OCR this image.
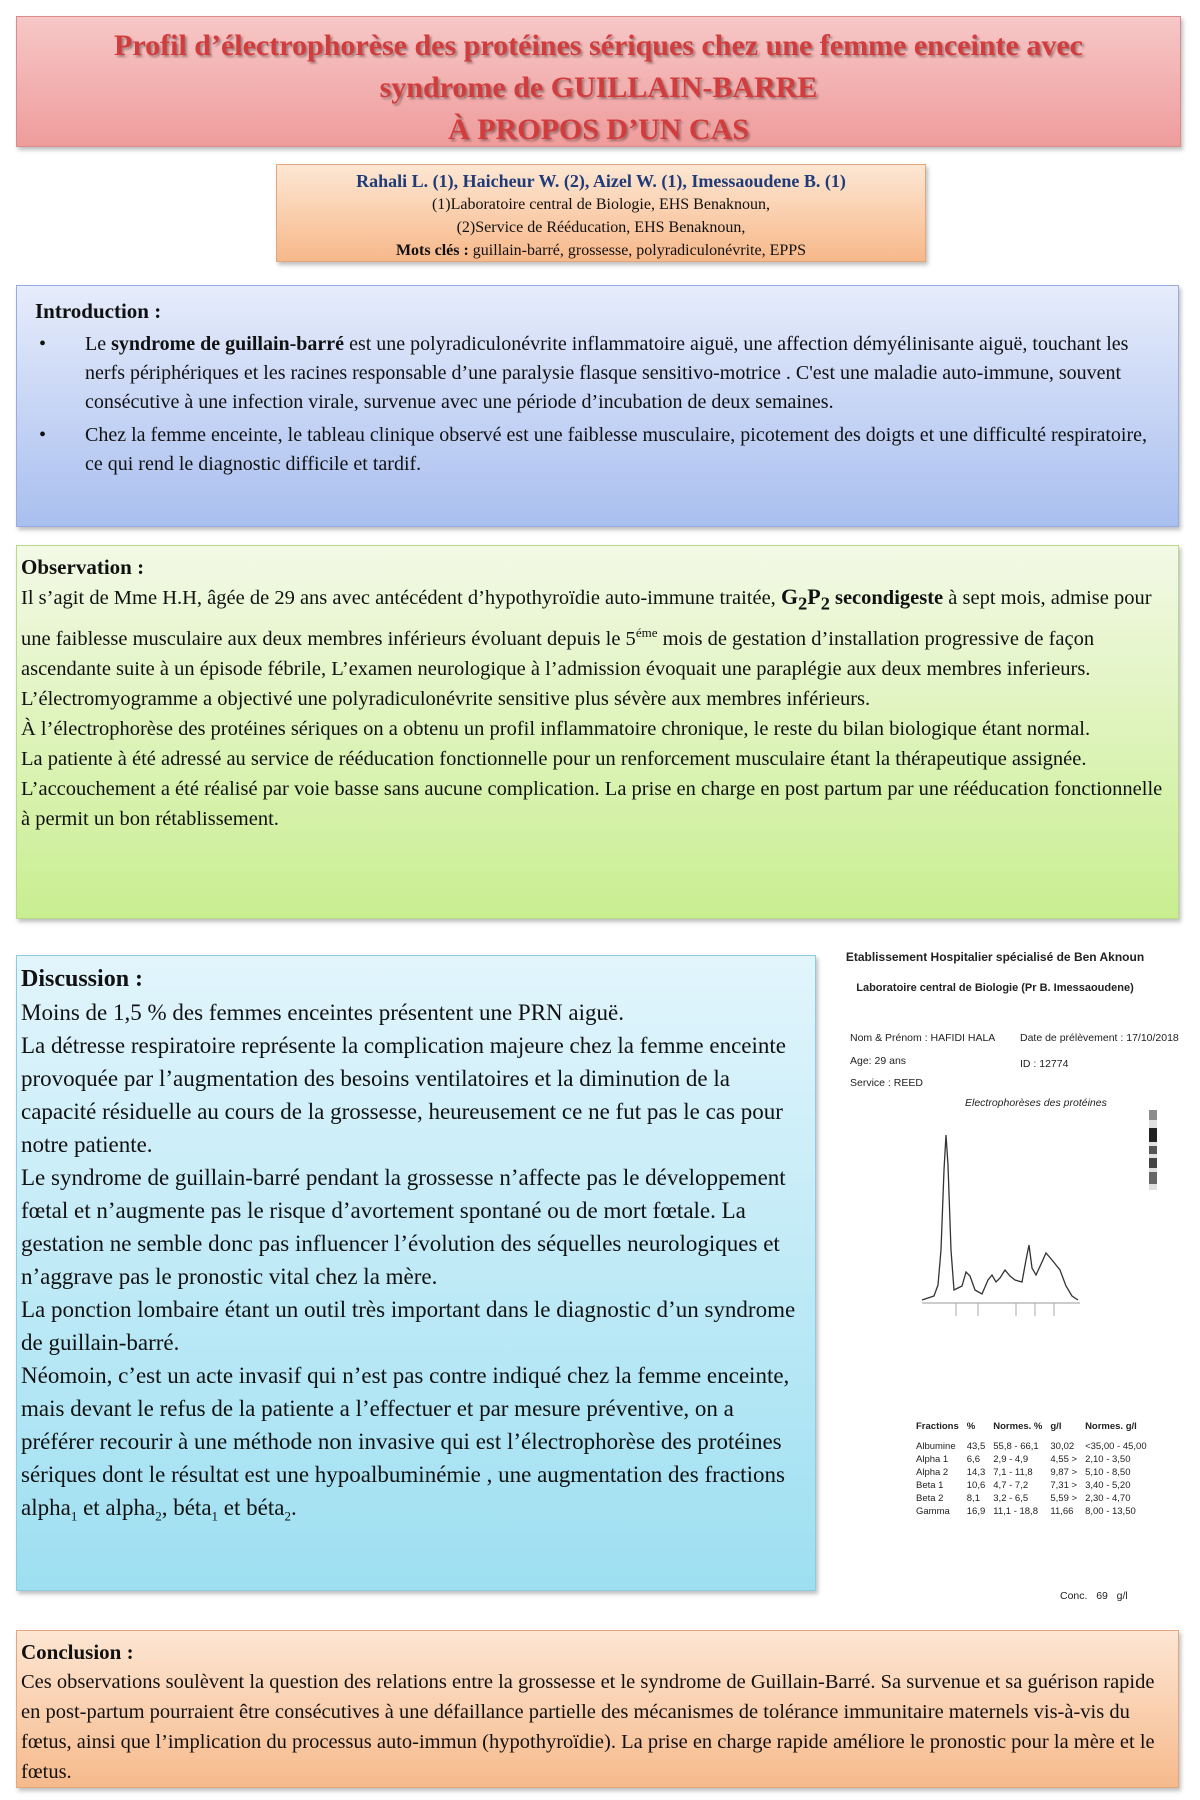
Profil d’électrophorèse des protéines sériques chez une femme enceinte avec
syndrome de GUILLAIN-BARRE
À PROPOS D’UN CAS
Rahali L. (1), Haicheur W. (2), Aizel W. (1), Imessaoudene B. (1)
(1)Laboratoire central de Biologie, EHS Benaknoun,
(2)Service de Rééducation, EHS Benaknoun,
Mots clés : guillain-barré, grossesse, polyradiculonévrite, EPPS
Introduction :
•	Le syndrome de guillain-barré est une polyradiculonévrite inflammatoire aiguë, une affection démyélinisante aiguë, touchant les nerfs périphériques et les racines responsable d’une paralysie flasque sensitivo-motrice . C'est une maladie auto-immune, souvent consécutive à une infection virale, survenue avec une période d’incubation de deux semaines.
•	Chez la femme enceinte, le tableau clinique observé est une faiblesse musculaire, picotement des doigts et une difficulté respiratoire, ce qui rend le diagnostic difficile et tardif.
Observation :

Il s’agit de Mme H.H, âgée de 29 ans avec antécédent d’hypothyroïdie auto-immune traitée, $G_2P_2$ secondigeste à sept mois, admise pour une faiblesse musculaire aux deux membres inférieurs évoluant depuis le $5^{éme}$ mois de gestation d’installation progressive de façon ascendante suite à un épisode fébrile, L’examen neurologique à l’admission évoquait une paraplégie aux deux membres inferieurs. L’électromyogramme a objectivé une polyradiculonévrite sensitive plus sévère aux membres inférieurs.

À l’électrophorèse des protéines sériques on a obtenu un profil inflammatoire chronique, le reste du bilan biologique étant normal.

La patiente à été adressé au service de rééducation fonctionnelle pour un renforcement musculaire étant la thérapeutique assignée.

L’accouchement a été réalisé par voie basse sans aucune complication. La prise en charge en post partum par une rééducation fonctionnelle à permit un bon rétablissement.

Discussion :

Moins de 1,5 % des femmes enceintes présentent une PRN aiguë.

La détresse respiratoire représente la complication majeure chez la femme enceinte provoquée par l’augmentation des besoins ventilatoires et la diminution de la capacité résiduelle au cours de la grossesse, heureusement ce ne fut pas le cas pour notre patiente.

Le syndrome de guillain-barré pendant la grossesse n’affecte pas le développement fœtal et n’augmente pas le risque d’avortement spontané ou de mort fœtale. La gestation ne semble donc pas influencer l’évolution des séquelles neurologiques et n’aggrave pas le pronostic vital chez la mère.

La ponction lombaire étant un outil très important dans le diagnostic d’un syndrome de guillain-barré.

Néomoin, c’est un acte invasif qui n’est pas contre indiqué chez la femme enceinte, mais devant le refus de la patiente a l’effectuer et par mesure préventive, on a préférer recourir à une méthode non invasive qui est l’électrophorèse des protéines sériques dont le résultat est une hypoalbuminémie , une augmentation des fractions alpha$_1$ et alpha$_2$, béta$_1$ et béta$_2$.

Etablissement Hospitalier spécialisé de Ben Aknoun
Laboratoire central de Biologie (Pr B. Imessaoudene)
Nom & Prénom : HAFIDI HALA
Age: 29 ans
Service : REED
Date de prélèvement : 17/10/2018
ID : 12774
Electrophorèses des protéines
Fractions	%	Normes. %	g/l	Normes. g/l
Albumine	43,5	55,8 - 66,1	30,02	<35,00 - 45,00
Alpha 1	6,6	2,9 - 4,9	4,55 >	2,10 - 3,50
Alpha 2	14,3	7,1 - 11,8	9,87 >	5,10 - 8,50
Beta 1	10,6	4,7 - 7,2	7,31 >	3,40 - 5,20
Beta 2	8,1	3,2 - 6,5	5,59 >	2,30 - 4,70
Gamma	16,9	11,1 - 18,8	11,66	8,00 - 13,50
Conc. 69 g/l
Conclusion :

Ces observations soulèvent la question des relations entre la grossesse et le syndrome de Guillain-Barré. Sa survenue et sa guérison rapide en post-partum pourraient être consécutives à une défaillance partielle des mécanismes de tolérance immunitaire maternels vis-à-vis du fœtus, ainsi que l’implication du processus auto-immun (hypothyroïdie). La prise en charge rapide améliore le pronostic pour la mère et le fœtus.
